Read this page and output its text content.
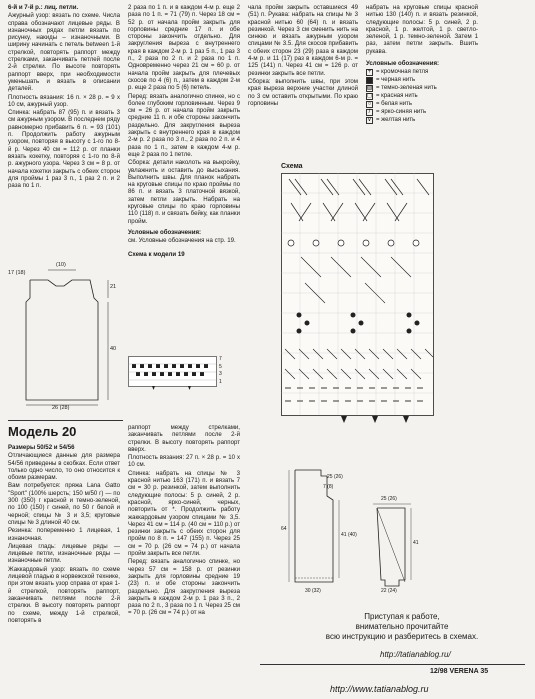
6-й и 7-й р.: лиц. петли.

Ажурный узор: вязать по схеме. Числа справа обозначают лицевые ряды. В изнаночных рядах петли вязать по рисунку, накиды – изнаночными. В ширину начинать с петель between 1-й стрелкой, повторять раппорт между стрелками, заканчивать петлей после 2-й стрелки. По высоте повторять раппорт вверх, при необходимости уменьшать и вязать в описании деталей.

Плотность вязания: 16 п. × 28 р. = 9 х 10 см, ажурный узор.

Спинка: набрать 87 (95) п. и вязать 3 см ажурным узором. В последнем ряду равномерно прибавить 6 п. = 93 (101) п. Продолжить работу ажурным узором, повторяя в высоту с 1-го по 8-й р. Через 40 см = 112 р. от планки вязать кокетку, повторяя с 1-го по 8-й р. ажурного узора. Через 3 см = 8 р. от начала кокетки закрыть с обеих сторон для проймы 1 раз 3 п., 1 раз 2 п. и 2 раза по 1 п.

(10)
17 (18)
40
21
26 (28)

2 раза по 1 п. и в каждом 4-м р. еще 2 раза по 1 п. = 71 (79) п. Через 18 см = 52 р. от начала пройм закрыть для горловины средние 17 п. и обе стороны закончить отдельно. Для закругления выреза с внутреннего края в каждом 2-м р. 1 раз 5 п., 1 раз 3 п., 2 раза по 2 п. и 2 раза по 1 п. Одновременно через 21 см = 60 р. от начала пройм закрыть для плечевых скосов по 4 (6) п., затем в каждом 2-м р. еще 2 раза по 5 (6) петель.

Перед: вязать аналогично спинке, но с более глубоким горловинным. Через 9 см = 26 р. от начала пройм закрыть средние 11 п. и обе стороны закончить раздельно. Для закругления выреза закрыть с внутреннего края в каждом 2-м р. 2 раза по 3 п., 2 раза по 2 п. и 4 раза по 1 п., затем в каждом 4-м р. еще 2 раза по 1 петле.

Сборка: детали наколоть на выкройку, увлажнить и оставить до высыхания. Выполнить швы. Для планок набрать на круговые спицы по краю проймы по 86 п. и вязать 3 платочной вязкой, затем петли закрыть. Набрать на круговые спицы по краю горловины 110 (118) п. и связать бейку, как планки пройм.

Условные обозначения:

см. Условные обозначения на стр. 19.

Схема к модели 19

7
5
3
1

чала пройм закрыть оставшиеся 49 (51) п. Рукава: набрать на спицы № 3 красной нитью 60 (64) п. и вязать резинкой. Через 3 см сменить нить на синюю и вязать ажурным узором спицами № 3.5. Для скосов прибавить с обеих сторон 23 (29) раза в каждом 4-м р. и 11 (17) раз в каждом 6-м р. = 125 (141) п. Через 41 см = 126 р. от резинки закрыть все петли.

Сборка: выполнить швы, при этом края выреза верхние участки длиной по 3 см оставить открытыми. По краю горловины

набрать на круговые спицы красной нитью 130 (140) п. и вязать резинкой, следующие полосы: 5 р. синей, 2 р. красной, 1 р. желтой, 1 р. светло-зеленой, 1 р. темно-зеленой. Затем 1 раз, затем петли закрыть. Вшить рукава.

Условные обозначения:

+ = кромочная петля
■ = черная нить
▨ = темно-зеленая нить
◻ = красная нить
○ = белая нить
/ = ярко-синяя нить
∨ = желтая нить
Схема
Модель 20

Размеры 50/52 и 54/56

Отличающиеся данные для размера 54/56 приведены в скобках. Если ответ только одно число, то оно относится к обоим размерам.

Вам потребуется: пряжа Lana Gatto "Sport" (100% шерсть; 150 м/50 г) — по 300 (350) г красной и темно-зеленой, по 100 (150) г синей, по 50 г белой и черной; спицы № 3 и 3,5; круговые спицы № 3 длиной 40 см.

Резинка: попеременно 1 лицевая, 1 изнаночная.

Лицевая гладь: лицевые ряды — лицевые петли, изнаночные ряды — изнаночные петли.

Жаккардовый узор: вязать по схеме лицевой гладью в норвежской технике, при этом вязать узор справа от края 1-й стрелкой, повторять раппорт, заканчивать петлями после 2-й стрелки. В высоту повторять раппорт по схеме, между 1-й стрелкой, повторять в

раппорт между стрелками, заканчивать петлями после 2-й стрелки. В высоту повторять раппорт вверх.

Плотность вязания: 27 п. × 28 р. = 10 х 10 см.

Спинка: набрать на спицы № 3 красной нитью 163 (171) п. и вязать 7 см = 30 р. резинкой, затем выполнить следующие полосы: 5 р. синей, 2 р. красной, ярко-синей, черных, повторить от *. Продолжить работу жаккардовым узором спицами № 3,5. Через 41 см = 114 р. (40 см = 110 р.) от резинки закрыть с обеих сторон для пройм по 8 п. = 147 (155) п. Через 25 см = 70 р. (26 см = 74 р.) от начала пройм закрыть все петли.

Перед: вязать аналогично спинке, но через 57 см = 158 р. от резинки закрыть для горловины средние 19 (23) п. и обе стороны закончить раздельно. Для закругления выреза закрыть в каждом 2-м р. 1 раз 3 п., 2 раза по 2 п., 3 раза по 1 п. Через 25 см = 70 р. (26 см = 74 р.) от на

25 (26)
7 (8)
64
41 (40)
30 (32)
25 (26)
41
22 (24)
Приступая к работе,
внимательно прочитайте
всю инструкцию и разберитесь в схемах.
http://tatianablog.ru/
12/98 VERENA 35
http://www.tatianablog.ru
